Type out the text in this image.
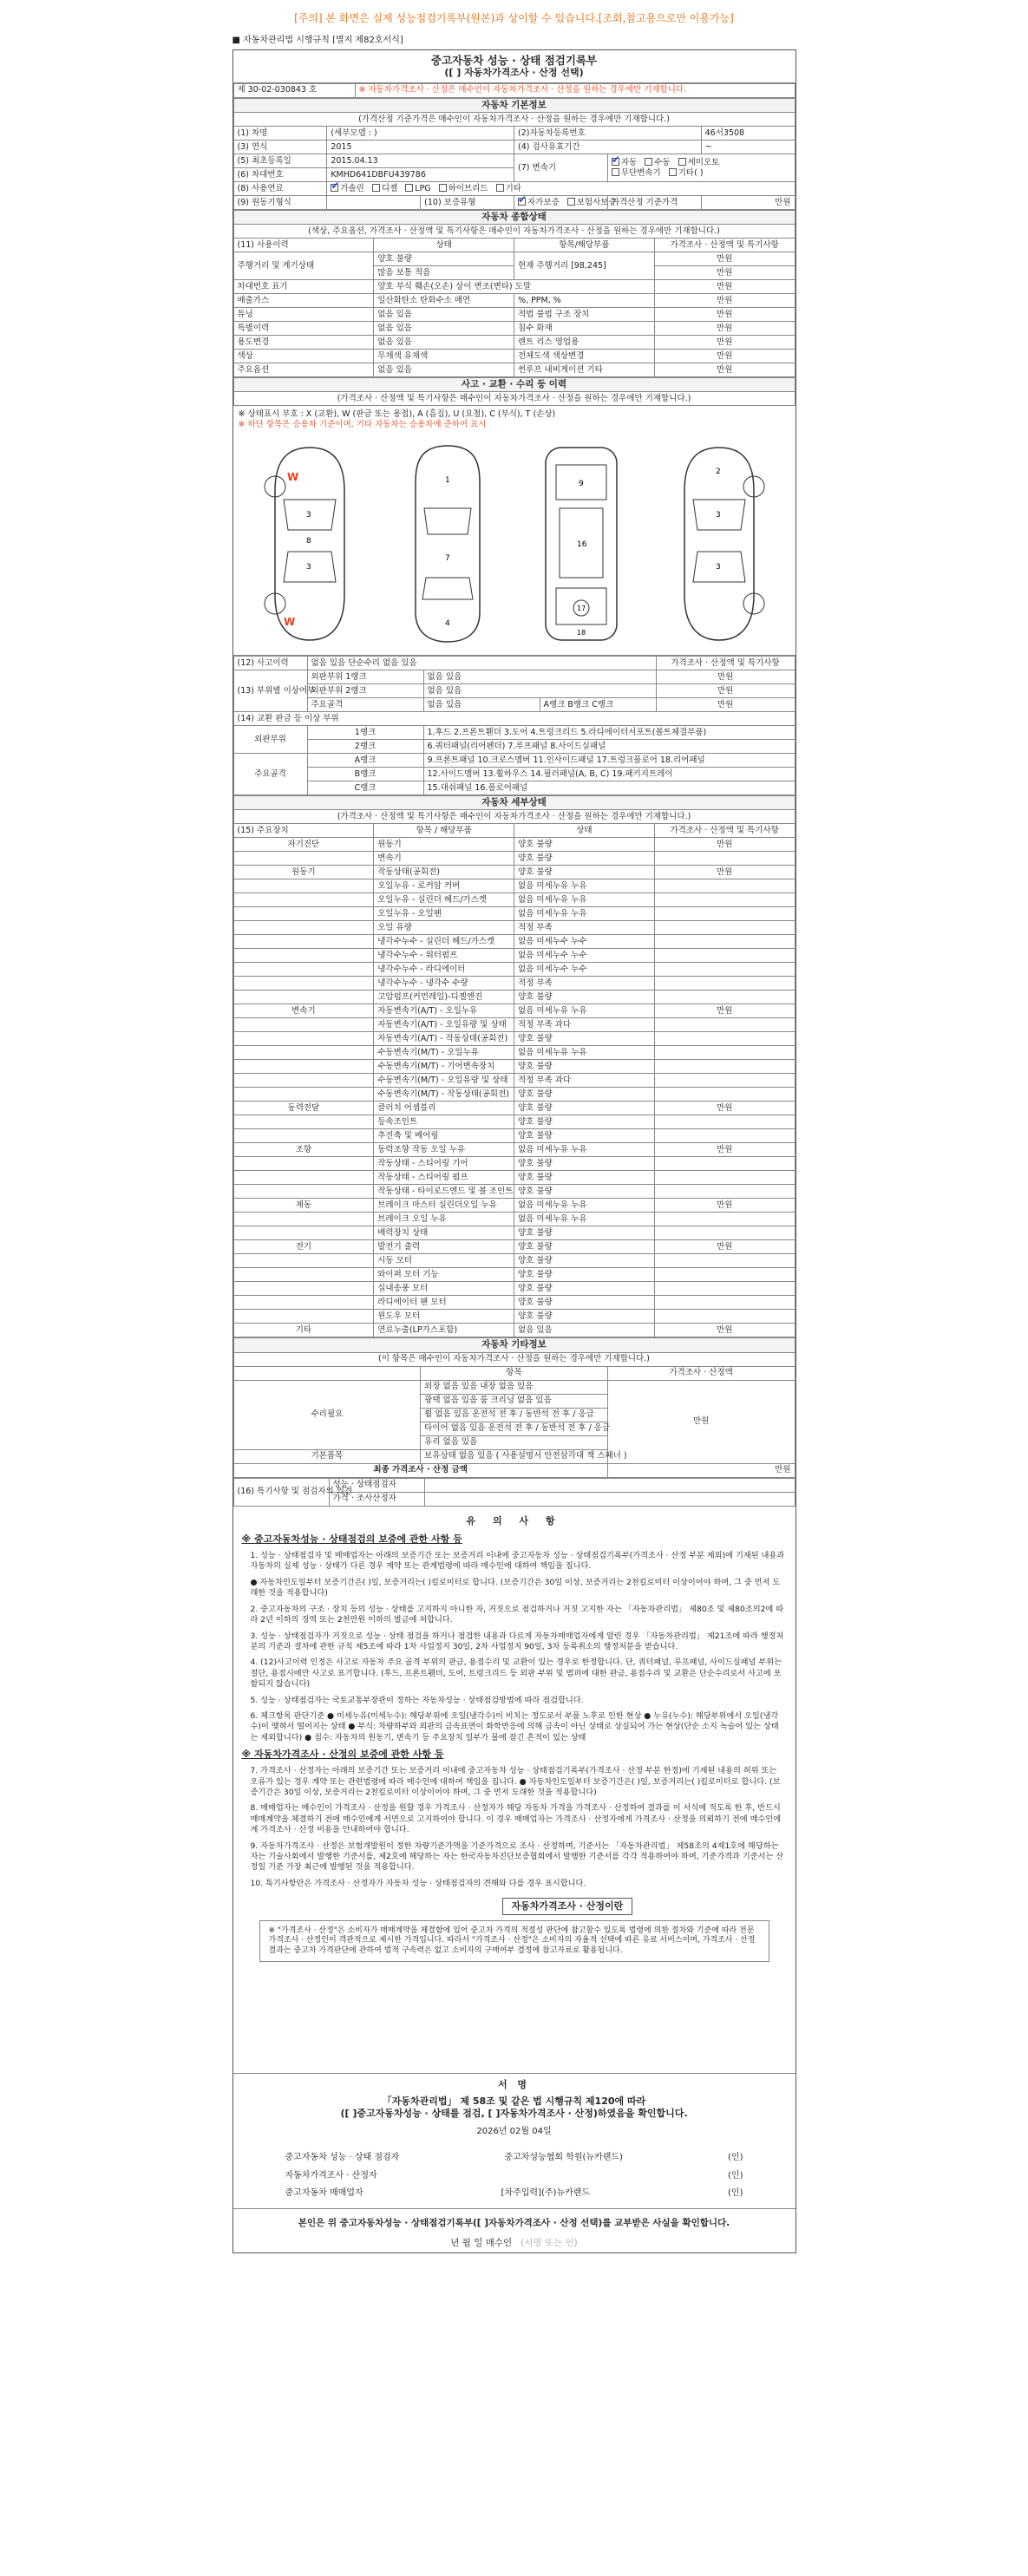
[주의] 본 화면은 실제 성능점검기록부(원본)과 상이할 수 있습니다.[조회,참고용으로만 이용가능]
■ 자동차관리법 시행규칙 [별지 제82호서식]
중고자동차 성능 · 상태 점검기록부
([ ] 자동차가격조사 · 산정 선택)
제 30-02-030843 호	※ 자동차가격조사 · 산정은 매수인이 자동차가격조사 · 산정을 원하는 경우에만 기재합니다.
자동차 기본정보					
(가격산정 기준가격은 매수인이 자동차가격조사 · 산정을 원하는 경우에만 기재합니다.)					
(1) 차명	(세부모델 : )		(2)자동차등록번호		46서3508
(3) 연식	2015		(4) 검사유효기간		~
(5) 최초등록일	2015.04.13		(7) 변속기	✔자동 수동 세미오토
무단변속기 기타( )
(6) 차대번호	KMHD641DBFU439786				
(8) 사용연료	✔가솔린 디젤 LPG 하이브리드 기타
(9) 원동기형식		(10) 보증유형	✔자가보증 보험사보증	가격산정 기준가격	만원
자동차 종합상태			
(색상, 주요옵션, 가격조사 · 산정액 및 특기사항은 매수인이 자동차가격조사 · 산정을 원하는 경우에만 기재합니다.)			
(11) 사용이력	상태	항목/해당부품	가격조사 · 산정액 및 특기사항
주행거리 및 계기상태	양호 불량	현재 주행거리 [98,245]	만원
	많음 보통 적음		만원
차대번호 표기	양호 부식 훼손(오손) 상이 변조(변타) 도말		만원
배출가스	일산화탄소 탄화수소 매연	%, PPM, %	만원
튜닝	없음 있음	적법 불법 구조 장치	만원
특별이력	없음 있음	침수 화재	만원
용도변경	없음 있음	렌트 리스 영업용	만원
색상	무채색 유채색	전체도색 색상변경	만원
주요옵션	없음 있음	썬루프 내비게이션 기타	만원
사고 · 교환 · 수리 등 이력
(가격조사 · 산정액 및 특기사항은 매수인이 자동차가격조사 · 산정을 원하는 경우에만 기재합니다.)
※ 상태표시 부호 : X (교환), W (판금 또는 용접), A (흠집), U (요철), C (부식), T (손상)
※ 하단 항목은 승용차 기준이며, 기타 자동차는 승용차에 준하여 표시
W
W
3
3
8
1
7
4
16
17
9
18
3
3
2
(12) 사고이력	없음 있음 단순수리 없음 있음			가격조사 · 산정액 및 특기사항
(13) 부위별 이상여부	외판부위 1랭크	없음 있음		만원
	외판부위 2랭크	없음 있음		만원
	주요골격	없음 있음	A랭크 B랭크 C랭크	만원
(14) 교환 판금 등 이상 부위				
외판부위	1랭크	1.후드 2.프론트휀더 3.도어 4.트렁크리드 5.라디에이터서포트(볼트체결부품)		
	2랭크	6.쿼터패널(리어펜더) 7.루프패널 8.사이드실패널		
주요골격	A랭크	9.프론트패널 10.크로스멤버 11.인사이드패널 17.트렁크플로어 18.리어패널		
	B랭크	12.사이드멤버 13.휠하우스 14.필러패널(A, B, C) 19.패키지트레이		
	C랭크	15.대쉬패널 16.플로어패널		
자동차 세부상태			
(가격조사 · 산정액 및 특기사항은 매수인이 자동차가격조사 · 산정을 원하는 경우에만 기재합니다.)			
(15) 주요장치	항목 / 해당부품	상태	가격조사 · 산정액 및 특기사항
자기진단	원동기	양호 불량	만원
	변속기	양호 불량	
원동기	작동상태(공회전)	양호 불량	만원
	오일누유 - 로커암 커버	없음 미세누유 누유	
	오일누유 - 실린더 헤드/가스켓	없음 미세누유 누유	
	오일누유 - 오일팬	없음 미세누유 누유	
	오일 유량	적정 부족	
	냉각수누수 - 실린더 헤드/가스켓	없음 미세누수 누수	
	냉각수누수 - 워터펌프	없음 미세누수 누수	
	냉각수누수 - 라디에이터	없음 미세누수 누수	
	냉각수누수 - 냉각수 수량	적정 부족	
	고압펌프(커먼레일)-디젤엔진	양호 불량	
변속기	자동변속기(A/T) - 오일누유	없음 미세누유 누유	만원
	자동변속기(A/T) - 오일유량 및 상태	적정 부족 과다	
	자동변속기(A/T) - 작동상태(공회전)	양호 불량	
	수동변속기(M/T) - 오일누유	없음 미세누유 누유	
	수동변속기(M/T) - 기어변속장치	양호 불량	
	수동변속기(M/T) - 오일유량 및 상태	적정 부족 과다	
	수동변속기(M/T) - 작동상태(공회전)	양호 불량	
동력전달	클러치 어셈블리	양호 불량	만원
	등속조인트	양호 불량	
	추진축 및 베어링	양호 불량	
조향	동력조향 작동 오일 누유	없음 미세누유 누유	만원
	작동상태 - 스티어링 기어	양호 불량	
	작동상태 - 스티어링 펌프	양호 불량	
	작동상태 - 타이로드엔드 및 볼 조인트	양호 불량	
제동	브레이크 마스터 실린더오일 누유	없음 미세누유 누유	만원
	브레이크 오일 누유	없음 미세누유 누유	
	배력장치 상태	양호 불량	
전기	발전기 출력	양호 불량	만원
	시동 모터	양호 불량	
	와이퍼 모터 기능	양호 불량	
	실내송풍 모터	양호 불량	
	라디에이터 팬 모터	양호 불량	
	윈도우 모터	양호 불량	
기타	연료누출(LP가스포함)	없음 있음	만원
자동차 기타정보		
(이 항목은 매수인이 자동차가격조사 · 산정을 원하는 경우에만 기재합니다.)		
	항목	가격조사 · 산정액
수리필요	외장 없음 있음 내장 없음 있음	만원
	광택 없음 있음 룸 크리닝 없음 있음	
	휠 없음 있음 운전석 전 후 / 동반석 전 후 / 응급	
	타이어 없음 있음 운전석 전 후 / 동반석 전 후 / 응급	
	유리 없음 있음	
기본품목	보유상태 없음 있음 ( 사용설명서 안전삼각대 잭 스패너 )	
최종 가격조사 · 산정 금액		만원
(16) 특기사항 및 점검자의 의견	성능 · 상태점검자	
	가격 · 조사산정자	
유 의 사 항
※ 중고자동차성능 · 상태점검의 보증에 관한 사항 등

1. 성능 · 상태점검자 및 매매업자는 아래의 보증기간 또는 보증거리 이내에 중고자동차 성능 · 상태점검기록부(가격조사 · 산정 부분 제외)에 기재된 내용과 자동차의 실제 성능 · 상태가 다른 경우 계약 또는 관계법령에 따라 매수인에 대하여 책임을 집니다.

● 자동차인도일부터 보증기간은( )일, 보증거리는( )킬로미터로 합니다. (보증기간은 30일 이상, 보증거리는 2천킬로미터 이상이어야 하며, 그 중 먼저 도래한 것을 적용합니다)

2. 중고자동차의 구조 · 장치 등의 성능 · 상태를 고지하지 아니한 자, 거짓으로 점검하거나 거짓 고지한 자는 「자동차관리법」 제80조 및 제80조의2에 따라 2년 이하의 징역 또는 2천만원 이하의 벌금에 처합니다.

3. 성능 · 상태점검자가 거짓으로 성능 · 상태 점검을 하거나 점검한 내용과 다르게 자동차매매업자에게 알린 경우 「자동차관리법」 제21조에 따라 행정처분의 기준과 절차에 관한 규칙 제5조에 따라 1차 사업정지 30일, 2차 사업정지 90일, 3차 등록취소의 행정처분을 받습니다.

4. (12)사고이력 인정은 사고로 자동차 주요 골격 부위의 판금, 용접수리 및 교환이 있는 경우로 한정합니다. 단, 쿼터패널, 루프패널, 사이드실패널 부위는 절단, 용접시에만 사고로 표기합니다. (후드, 프론트휀더, 도어, 트렁크리드 등 외판 부위 및 범퍼에 대한 판금, 용접수리 및 교환은 단순수리로서 사고에 포함되지 않습니다)

5. 성능 · 상태점검자는 국토교통부장관이 정하는 자동차성능 · 상태점검방법에 따라 점검합니다.

6. 체크항목 판단기준 ● 미세누유(미세누수): 해당부위에 오일(냉각수)이 비치는 정도로서 부품 노후로 인한 현상 ● 누유(누수): 해당부위에서 오일(냉각수)이 맺혀서 떨어지는 상태 ● 부식: 차량하부와 외판의 금속표면이 화학반응에 의해 금속이 아닌 상태로 상실되어 가는 현상(단순 소지 녹슬어 있는 상태는 제외합니다) ● 침수: 자동차의 원동기, 변속기 등 주요장치 일부가 물에 잠긴 흔적이 있는 상태

※ 자동차가격조사 · 산정의 보증에 관한 사항 등

7. 가격조사 · 산정자는 아래의 보증기간 또는 보증거리 이내에 중고자동차 성능 · 상태점검기록부(가격조사 · 산정 부분 한정)에 기재된 내용의 허위 또는 오류가 있는 경우 계약 또는 관련법령에 따라 매수인에 대하여 책임을 집니다. ● 자동차인도일부터 보증기간은( )일, 보증거리는( )킬로미터로 합니다. (보증기간은 30일 이상, 보증거리는 2천킬로미터 이상이어야 하며, 그 중 먼저 도래한 것을 적용합니다)

8. 매매업자는 매수인이 가격조사 · 산정을 원할 경우 가격조사 · 산정자가 해당 자동차 가격을 가격조사 · 산정하여 결과를 이 서식에 적도록 한 후, 반드시 매매계약을 체결하기 전에 매수인에게 서면으로 고지하여야 합니다. 이 경우 매매업자는 가격조사 · 산정자에게 가격조사 · 산정을 의뢰하기 전에 매수인에게 가격조사 · 산정 비용을 안내하여야 합니다.

9. 자동차가격조사 · 산정은 보험개발원이 정한 차량기준가액을 기준가격으로 조사 · 산정하며, 기준서는 「자동차관리법」 제58조의 4제1호에 해당하는 자는 기술사회에서 발행한 기준서를, 제2호에 해당하는 자는 한국자동차진단보증협회에서 발행한 기준서를 각각 적용하여야 하며, 기준가격과 기준서는 산정일 기준 가장 최근에 발행된 것을 적용합니다.

10. 특기사항란은 가격조사 · 산정자가 자동차 성능 · 상태점검자의 견해와 다를 경우 표시합니다.

자동차가격조사 · 산정이란
※ "가격조사 · 산정"은 소비자가 매매계약을 체결함에 있어 중고차 가격의 적절성 판단에 참고할수 있도록 법령에 의한 절차와 기준에 따라 전문 가격조사 · 산정인이 객관적으로 제시한 가격입니다. 따라서 "가격조사 · 산정"은 소비자의 자율적 선택에 따른 유료 서비스이며, 가격조사 · 산정 결과는 중고차 가격판단에 관하여 법적 구속력은 없고 소비자의 구매여부 결정에 참고자료로 활용됩니다.
서 명
「자동차관리법」 제 58조 및 같은 법 시행규칙 제120에 따라
([ ]중고자동차성능 · 상태를 점검, [ ]자동차가격조사 · 산정)하였음을 확인합니다.
2026년 02월 04일
중고자동차 성능 · 상태 점검자	중고차성능협회 학원(뉴카랜드)	(인)
자동차가격조사 · 산정자	(인)
중고자동차 매매업자	[차주입력](주)뉴카랜드	(인)
본인은 위 중고자동차성능 · 상태점검기록부([ ]자동차가격조사 · 산정 선택)를 교부받은 사실을 확인합니다.
년 월 일 매수인 (서명 또는 인)
